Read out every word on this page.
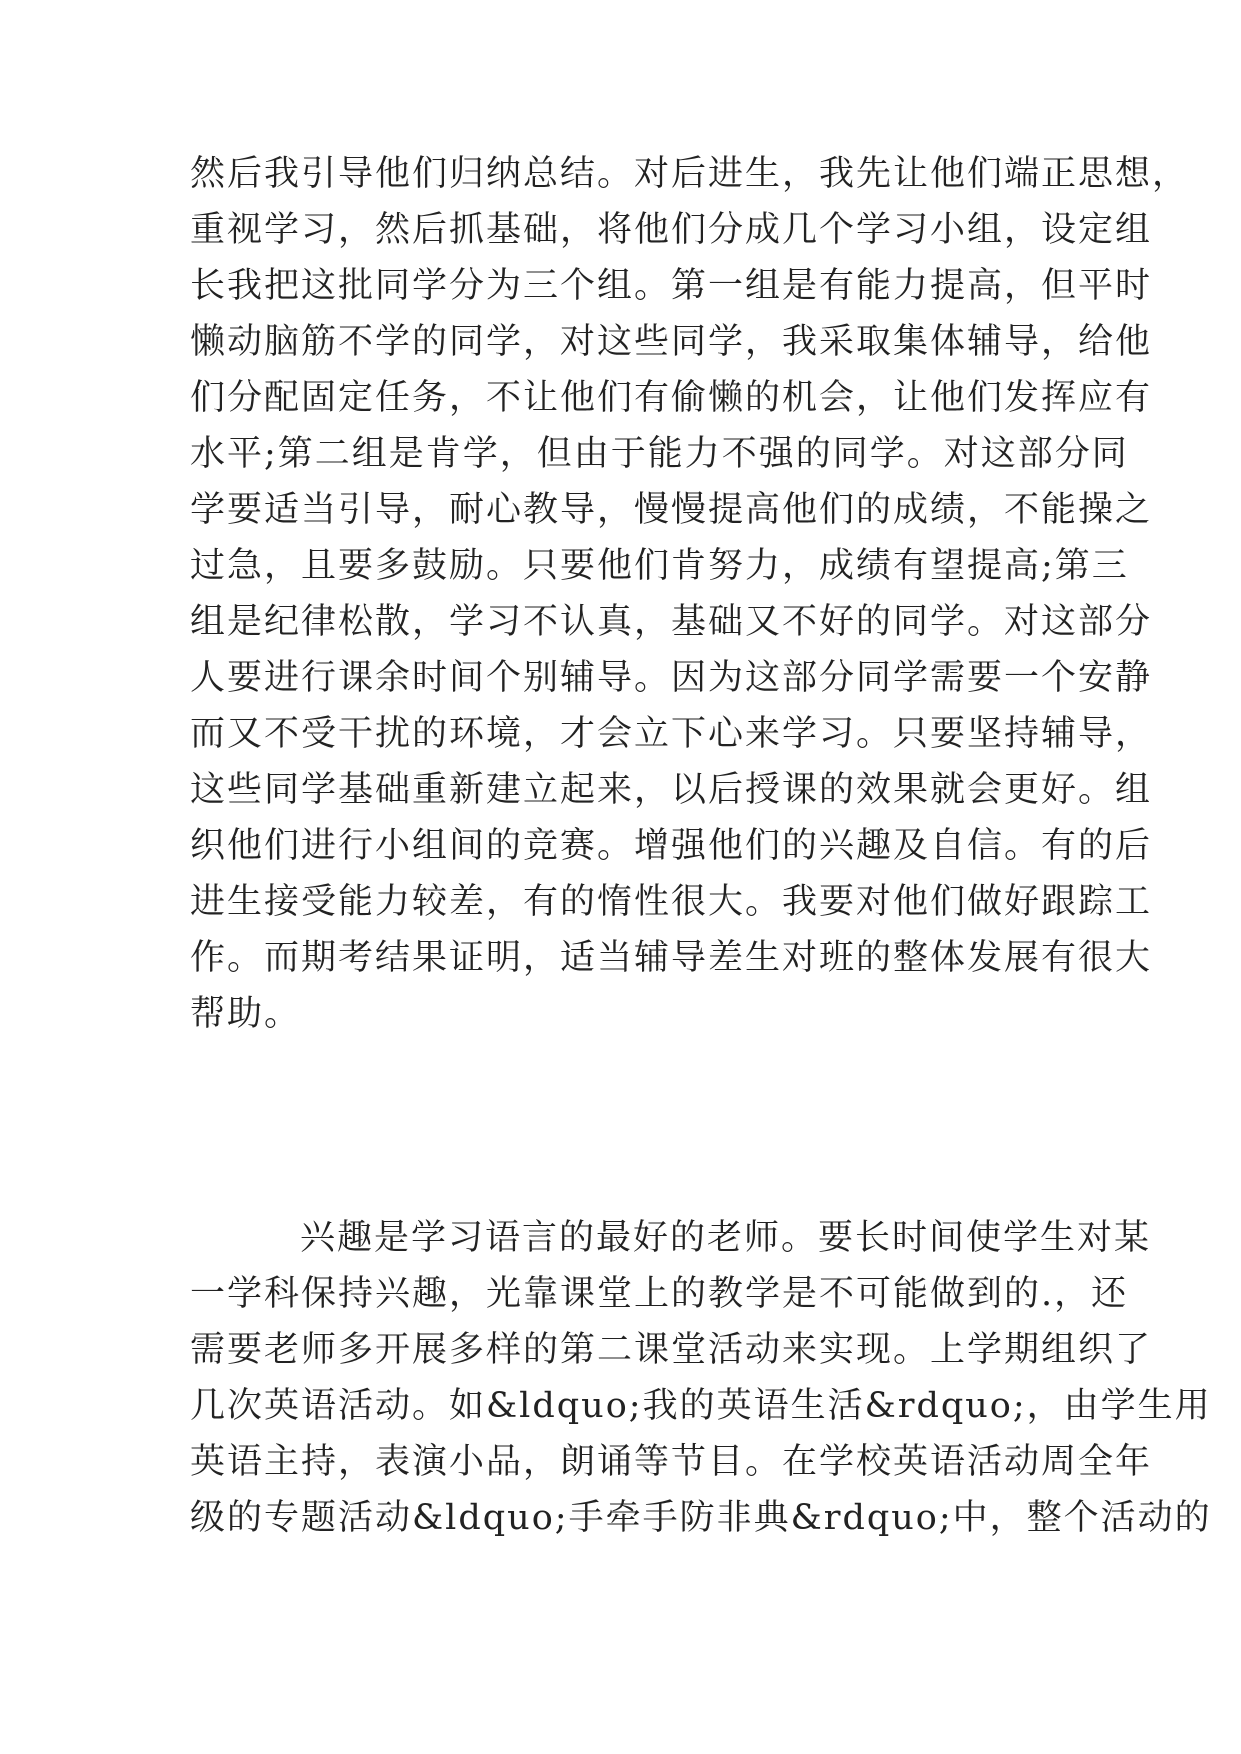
然后我引导他们归纳总结。对后进生，我先让他们端正思想，
重视学习，然后抓基础，将他们分成几个学习小组，设定组
长我把这批同学分为三个组。第一组是有能力提高，但平时
懒动脑筋不学的同学，对这些同学，我采取集体辅导，给他
们分配固定任务，不让他们有偷懒的机会，让他们发挥应有
水平;第二组是肯学，但由于能力不强的同学。对这部分同
学要适当引导，耐心教导，慢慢提高他们的成绩，不能操之
过急，且要多鼓励。只要他们肯努力，成绩有望提高;第三
组是纪律松散，学习不认真，基础又不好的同学。对这部分
人要进行课余时间个别辅导。因为这部分同学需要一个安静
而又不受干扰的环境，才会立下心来学习。只要坚持辅导，
这些同学基础重新建立起来，以后授课的效果就会更好。组
织他们进行小组间的竞赛。增强他们的兴趣及自信。有的后
进生接受能力较差，有的惰性很大。我要对他们做好跟踪工
作。而期考结果证明，适当辅导差生对班的整体发展有很大
帮助。
兴趣是学习语言的最好的老师。要长时间使学生对某
一学科保持兴趣，光靠课堂上的教学是不可能做到的.，还
需要老师多开展多样的第二课堂活动来实现。上学期组织了
几次英语活动。如&ldquo;我的英语生活&rdquo;，由学生用
英语主持，表演小品，朗诵等节目。在学校英语活动周全年
级的专题活动&ldquo;手牵手防非典&rdquo;中，整个活动的
